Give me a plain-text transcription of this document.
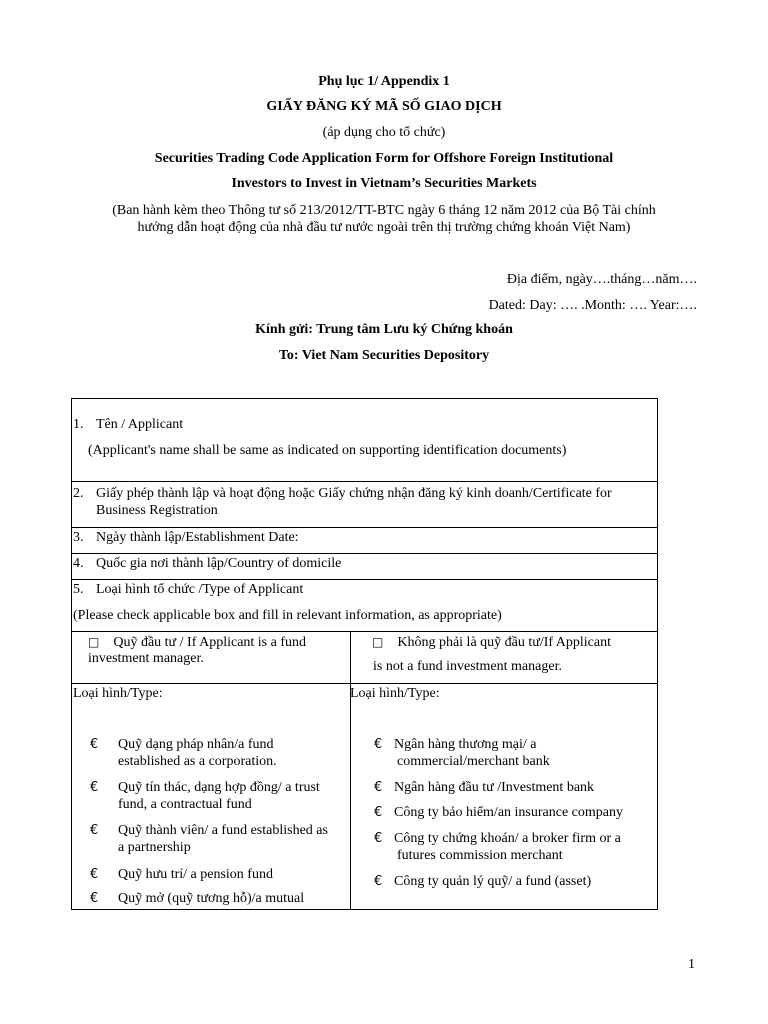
Phụ lục 1/ Appendix 1
GIẤY ĐĂNG KÝ MÃ SỐ GIAO DỊCH
(áp dụng cho tổ chức)
Securities Trading Code Application Form for Offshore Foreign Institutional
Investors to Invest in Vietnam’s Securities Markets
(Ban hành kèm theo Thông tư số 213/2012/TT-BTC ngày 6 tháng 12 năm 2012 của Bộ Tài chính
hướng dẫn hoạt động của nhà đầu tư nước ngoài trên thị trường chứng khoán Việt Nam)
Địa điểm, ngày….tháng…năm….
Dated: Day: …. .Month: …. Year:….
Kính gửi: Trung tâm Lưu ký Chứng khoán
To: Viet Nam Securities Depository
1. Tên / Applicant
(Applicant's name shall be same as indicated on supporting identification documents)
2. Giấy phép thành lập và hoạt động hoặc Giấy chứng nhận đăng ký kinh doanh/Certificate for
Business Registration
3. Ngày thành lập/Establishment Date:
4. Quốc gia nơi thành lập/Country of domicile
5. Loại hình tổ chức /Type of Applicant
(Please check applicable box and fill in relevant information, as appropriate)
□ Quỹ đầu tư / If Applicant is a fund
investment manager.
□ Không phải là quỹ đầu tư/If Applicant
is not a fund investment manager.
Loại hình/Type:	Loại hình/Type:
€ Quỹ dạng pháp nhân/a fund
established as a corporation.
€ Quỹ tín thác, dạng hợp đồng/ a trust
fund, a contractual fund
€ Quỹ thành viên/ a fund established as
a partnership
€ Quỹ hưu trí/ a pension fund
€ Quỹ mở (quỹ tương hỗ)/a mutual
€ Ngân hàng thương mại/ a
commercial/merchant bank
€ Ngân hàng đầu tư /Investment bank
€ Công ty bảo hiểm/an insurance company
€ Công ty chứng khoán/ a broker firm or a
futures commission merchant
€ Công ty quản lý quỹ/ a fund (asset)
1
